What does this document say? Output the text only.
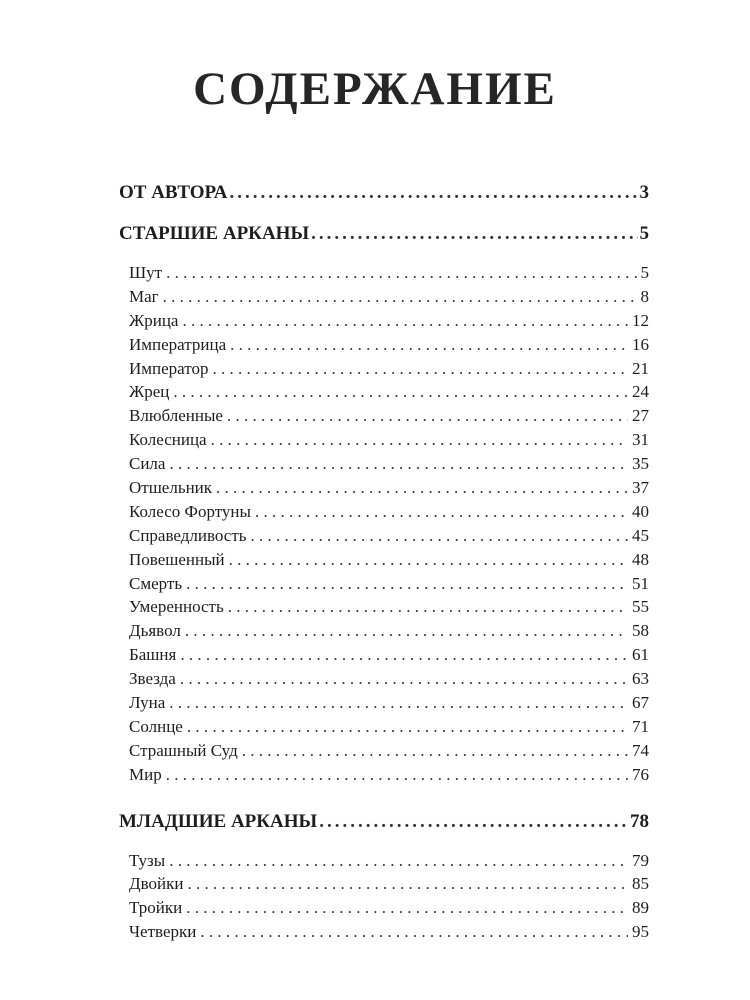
СОДЕРЖАНИЕ
ОТ АВТОРА .....	3
СТАРШИЕ АРКАНЫ .....	5
Шут . . .	5
Маг . . .	8
Жрица . . .	12
Императрица . . .	16
Император . . .	21
Жрец . . .	24
Влюбленные . . .	27
Колесница . . .	31
Сила . . .	35
Отшельник . . .	37
Колесо Фортуны . . .	40
Справедливость . . .	45
Повешенный . . .	48
Смерть . . .	51
Умеренность . . .	55
Дьявол . . .	58
Башня . . .	61
Звезда . . .	63
Луна . . .	67
Солнце . . .	71
Страшный Суд . . .	74
Мир . . .	76
МЛАДШИЕ АРКАНЫ .....	78
Тузы . . .	79
Двойки . . .	85
Тройки . . .	89
Четверки . . .	95
